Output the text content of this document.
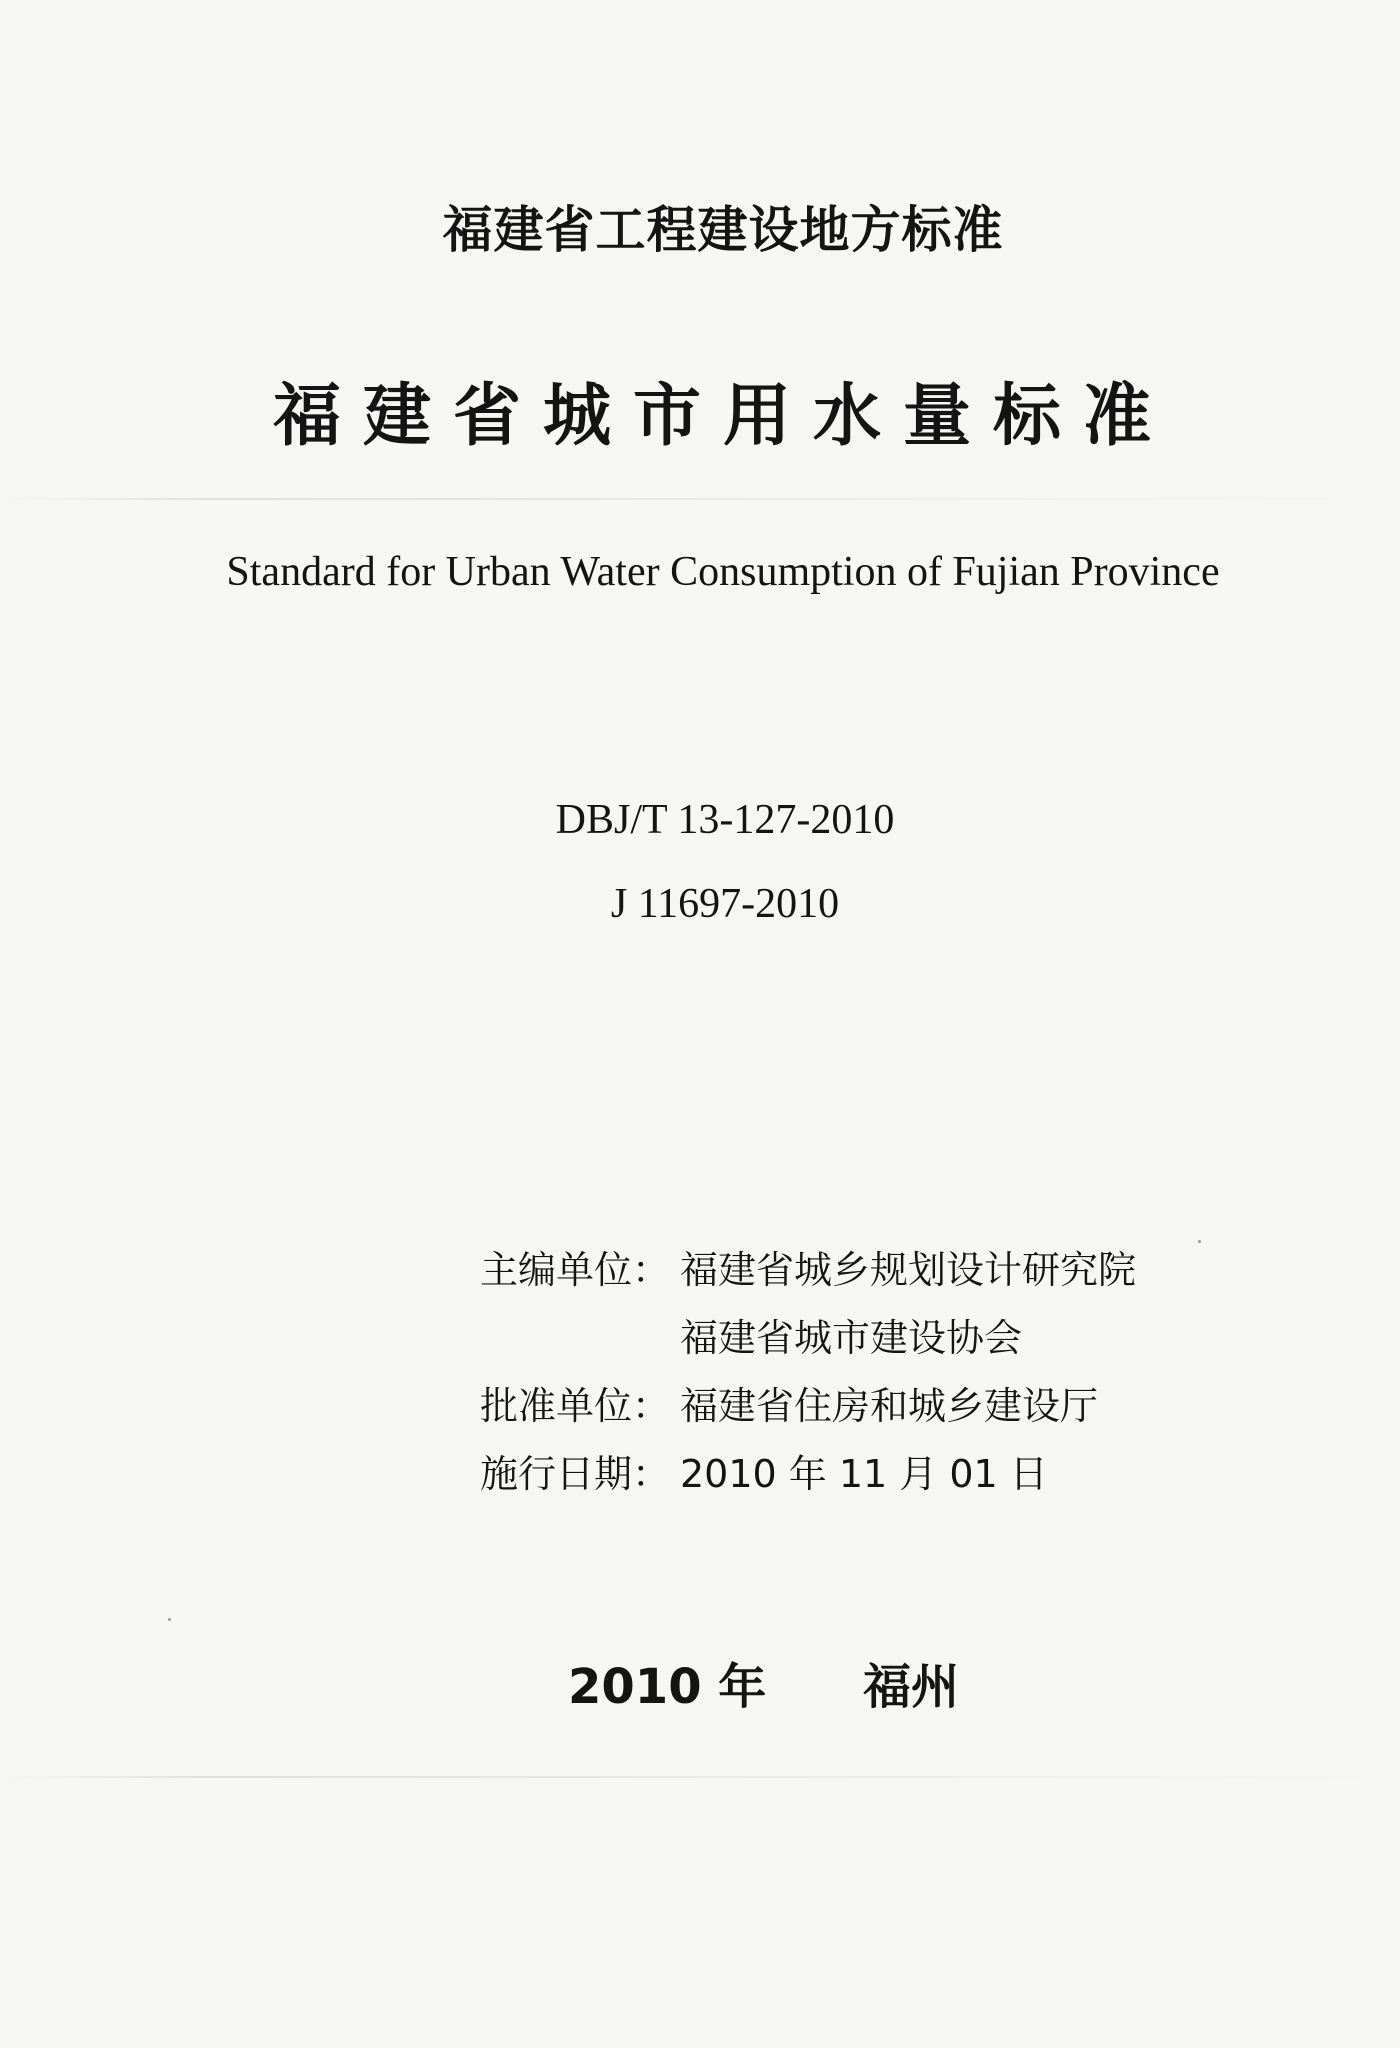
福建省工程建设地方标准
福建省城市用水量标准
Standard for Urban Water Consumption of Fujian Province
DBJ/T 13-127-2010
J 11697-2010
主编单位： 福建省城乡规划设计研究院
福建省城市建设协会
批准单位： 福建省住房和城乡建设厅
施行日期： 2010 年 11 月 01 日
2010 年 福州
